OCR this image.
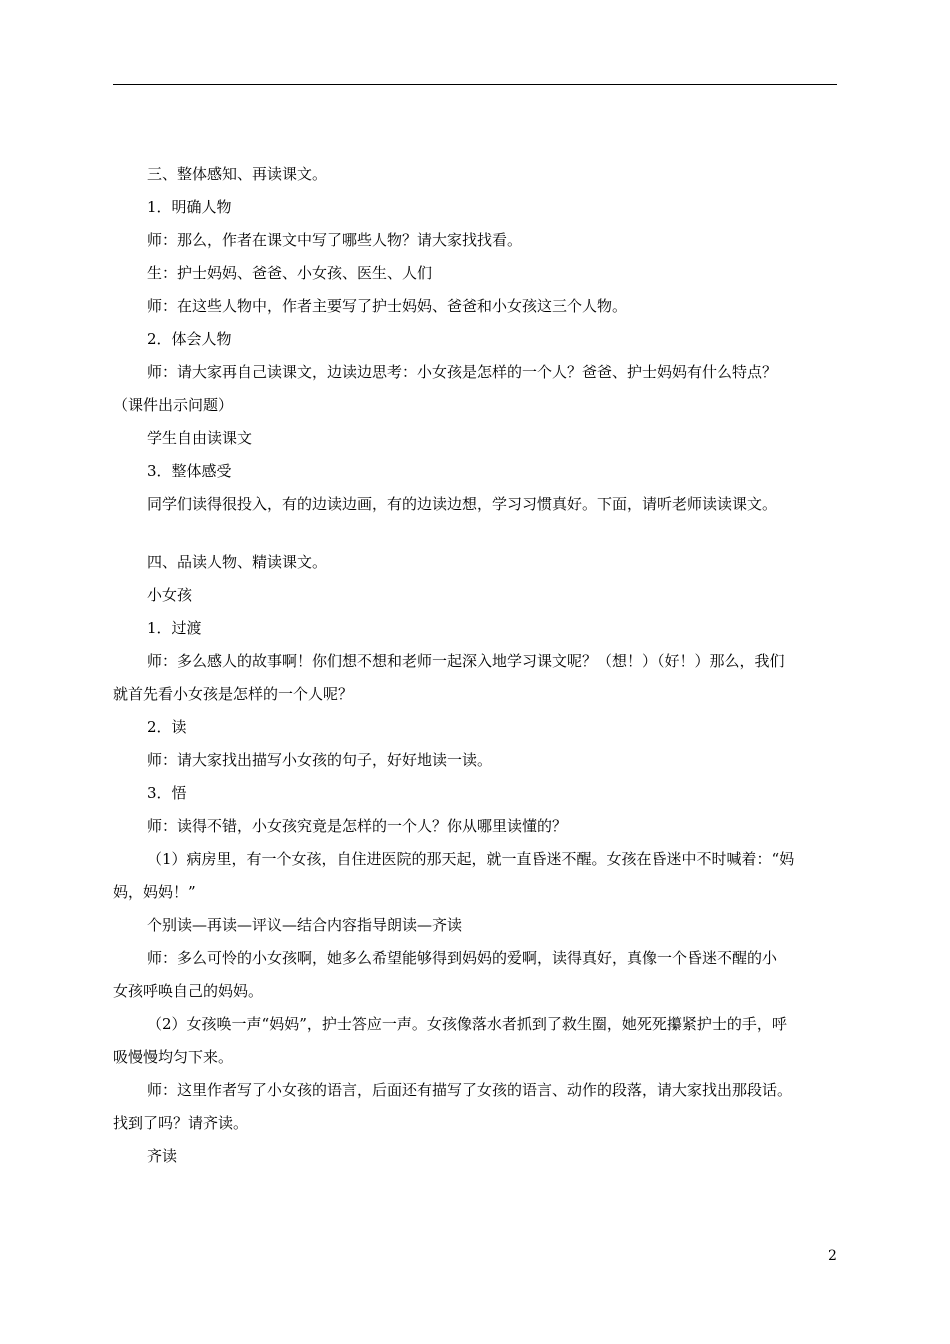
三、整体感知、再读课文。
1．明确人物
师：那么，作者在课文中写了哪些人物？请大家找找看。
生：护士妈妈、爸爸、小女孩、医生、人们
师：在这些人物中，作者主要写了护士妈妈、爸爸和小女孩这三个人物。
2．体会人物
师：请大家再自己读课文，边读边思考：小女孩是怎样的一个人？爸爸、护士妈妈有什么特点？
（课件出示问题）
学生自由读课文
3．整体感受
同学们读得很投入，有的边读边画，有的边读边想，学习习惯真好。下面，请听老师读读课文。
四、品读人物、精读课文。
小女孩
1．过渡
师：多么感人的故事啊！你们想不想和老师一起深入地学习课文呢？（想！）（好！）那么，我们
就首先看小女孩是怎样的一个人呢？
2．读
师：请大家找出描写小女孩的句子，好好地读一读。
3．悟
师：读得不错，小女孩究竟是怎样的一个人？你从哪里读懂的？
（1）病房里，有一个女孩，自住进医院的那天起，就一直昏迷不醒。女孩在昏迷中不时喊着：“妈
妈，妈妈！”
个别读—再读—评议—结合内容指导朗读—齐读
师：多么可怜的小女孩啊，她多么希望能够得到妈妈的爱啊，读得真好，真像一个昏迷不醒的小
女孩呼唤自己的妈妈。
（2）女孩唤一声“妈妈”，护士答应一声。女孩像落水者抓到了救生圈，她死死攥紧护士的手，呼
吸慢慢均匀下来。
师：这里作者写了小女孩的语言，后面还有描写了女孩的语言、动作的段落，请大家找出那段话。
找到了吗？请齐读。
齐读
2
